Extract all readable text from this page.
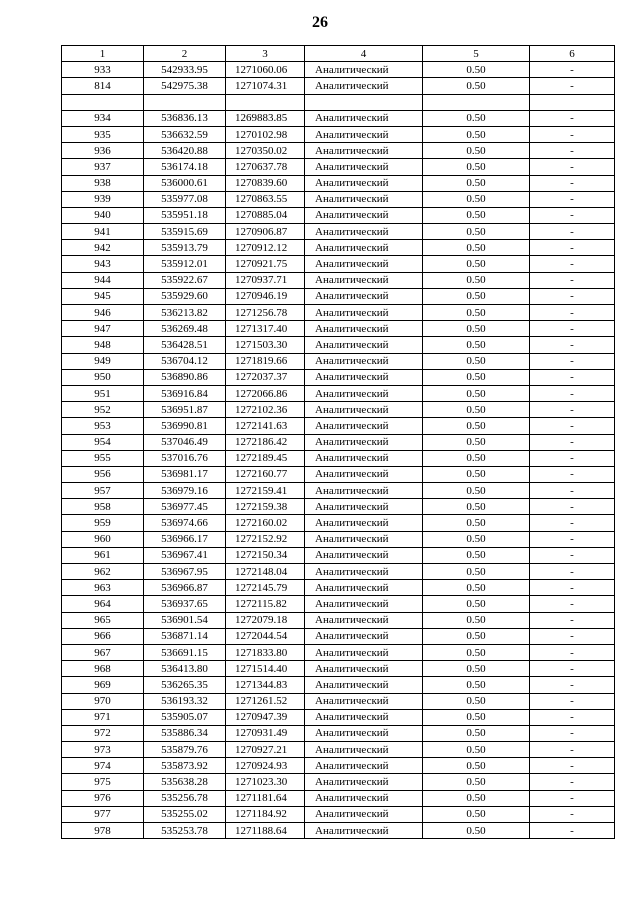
26
1	2	3	4	5	6
933	542933.95	1271060.06	Аналитический	0.50	-
814	542975.38	1271074.31	Аналитический	0.50	-

934	536836.13	1269883.85	Аналитический	0.50	-
935	536632.59	1270102.98	Аналитический	0.50	-
936	536420.88	1270350.02	Аналитический	0.50	-
937	536174.18	1270637.78	Аналитический	0.50	-
938	536000.61	1270839.60	Аналитический	0.50	-
939	535977.08	1270863.55	Аналитический	0.50	-
940	535951.18	1270885.04	Аналитический	0.50	-
941	535915.69	1270906.87	Аналитический	0.50	-
942	535913.79	1270912.12	Аналитический	0.50	-
943	535912.01	1270921.75	Аналитический	0.50	-
944	535922.67	1270937.71	Аналитический	0.50	-
945	535929.60	1270946.19	Аналитический	0.50	-
946	536213.82	1271256.78	Аналитический	0.50	-
947	536269.48	1271317.40	Аналитический	0.50	-
948	536428.51	1271503.30	Аналитический	0.50	-
949	536704.12	1271819.66	Аналитический	0.50	-
950	536890.86	1272037.37	Аналитический	0.50	-
951	536916.84	1272066.86	Аналитический	0.50	-
952	536951.87	1272102.36	Аналитический	0.50	-
953	536990.81	1272141.63	Аналитический	0.50	-
954	537046.49	1272186.42	Аналитический	0.50	-
955	537016.76	1272189.45	Аналитический	0.50	-
956	536981.17	1272160.77	Аналитический	0.50	-
957	536979.16	1272159.41	Аналитический	0.50	-
958	536977.45	1272159.38	Аналитический	0.50	-
959	536974.66	1272160.02	Аналитический	0.50	-
960	536966.17	1272152.92	Аналитический	0.50	-
961	536967.41	1272150.34	Аналитический	0.50	-
962	536967.95	1272148.04	Аналитический	0.50	-
963	536966.87	1272145.79	Аналитический	0.50	-
964	536937.65	1272115.82	Аналитический	0.50	-
965	536901.54	1272079.18	Аналитический	0.50	-
966	536871.14	1272044.54	Аналитический	0.50	-
967	536691.15	1271833.80	Аналитический	0.50	-
968	536413.80	1271514.40	Аналитический	0.50	-
969	536265.35	1271344.83	Аналитический	0.50	-
970	536193.32	1271261.52	Аналитический	0.50	-
971	535905.07	1270947.39	Аналитический	0.50	-
972	535886.34	1270931.49	Аналитический	0.50	-
973	535879.76	1270927.21	Аналитический	0.50	-
974	535873.92	1270924.93	Аналитический	0.50	-
975	535638.28	1271023.30	Аналитический	0.50	-
976	535256.78	1271181.64	Аналитический	0.50	-
977	535255.02	1271184.92	Аналитический	0.50	-
978	535253.78	1271188.64	Аналитический	0.50	-
